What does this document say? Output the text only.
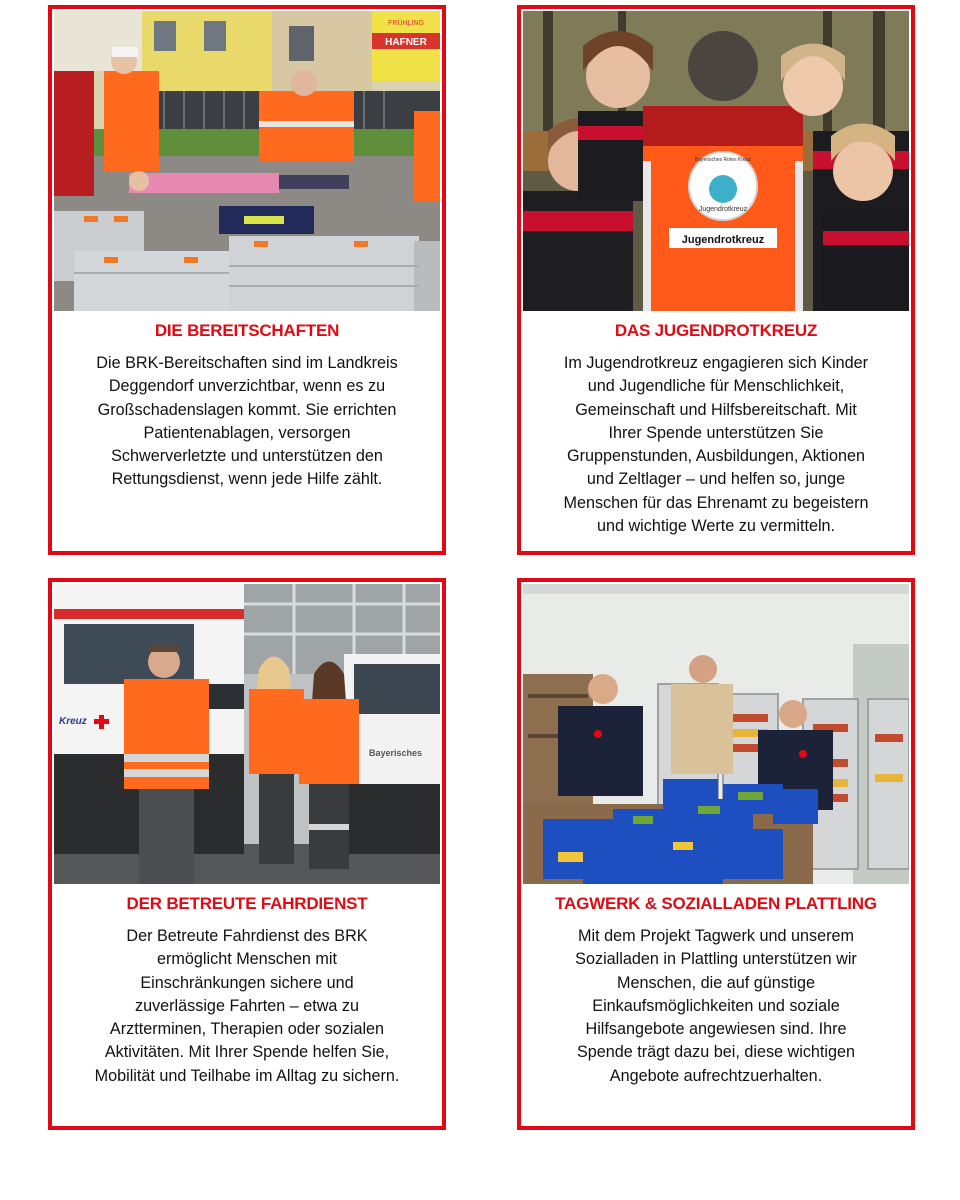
FRÜHLING
HAFNER
DIE BEREITSCHAFTEN
Die BRK-Bereitschaften sind im Landkreis
Deggendorf unverzichtbar, wenn es zu
Großschadenslagen kommt. Sie errichten
Patientenablagen, versorgen
Schwerverletzte und unterstützen den
Rettungsdienst, wenn jede Hilfe zählt.
Bayerisches Rotes Kreuz
Jugendrotkreuz
Jugendrotkreuz
DAS JUGENDROTKREUZ
Im Jugendrotkreuz engagieren sich Kinder
und Jugendliche für Menschlichkeit,
Gemeinschaft und Hilfsbereitschaft. Mit
Ihrer Spende unterstützen Sie
Gruppenstunden, Ausbildungen, Aktionen
und Zeltlager – und helfen so, junge
Menschen für das Ehrenamt zu begeistern
und wichtige Werte zu vermitteln.
Kreuz
Bayerisches
DER BETREUTE FAHRDIENST
Der Betreute Fahrdienst des BRK
ermöglicht Menschen mit
Einschränkungen sichere und
zuverlässige Fahrten – etwa zu
Arztterminen, Therapien oder sozialen
Aktivitäten. Mit Ihrer Spende helfen Sie,
Mobilität und Teilhabe im Alltag zu sichern.
TAGWERK & SOZIALLADEN PLATTLING
Mit dem Projekt Tagwerk und unserem
Sozialladen in Plattling unterstützen wir
Menschen, die auf günstige
Einkaufsmöglichkeiten und soziale
Hilfsangebote angewiesen sind. Ihre
Spende trägt dazu bei, diese wichtigen
Angebote aufrechtzuerhalten.
